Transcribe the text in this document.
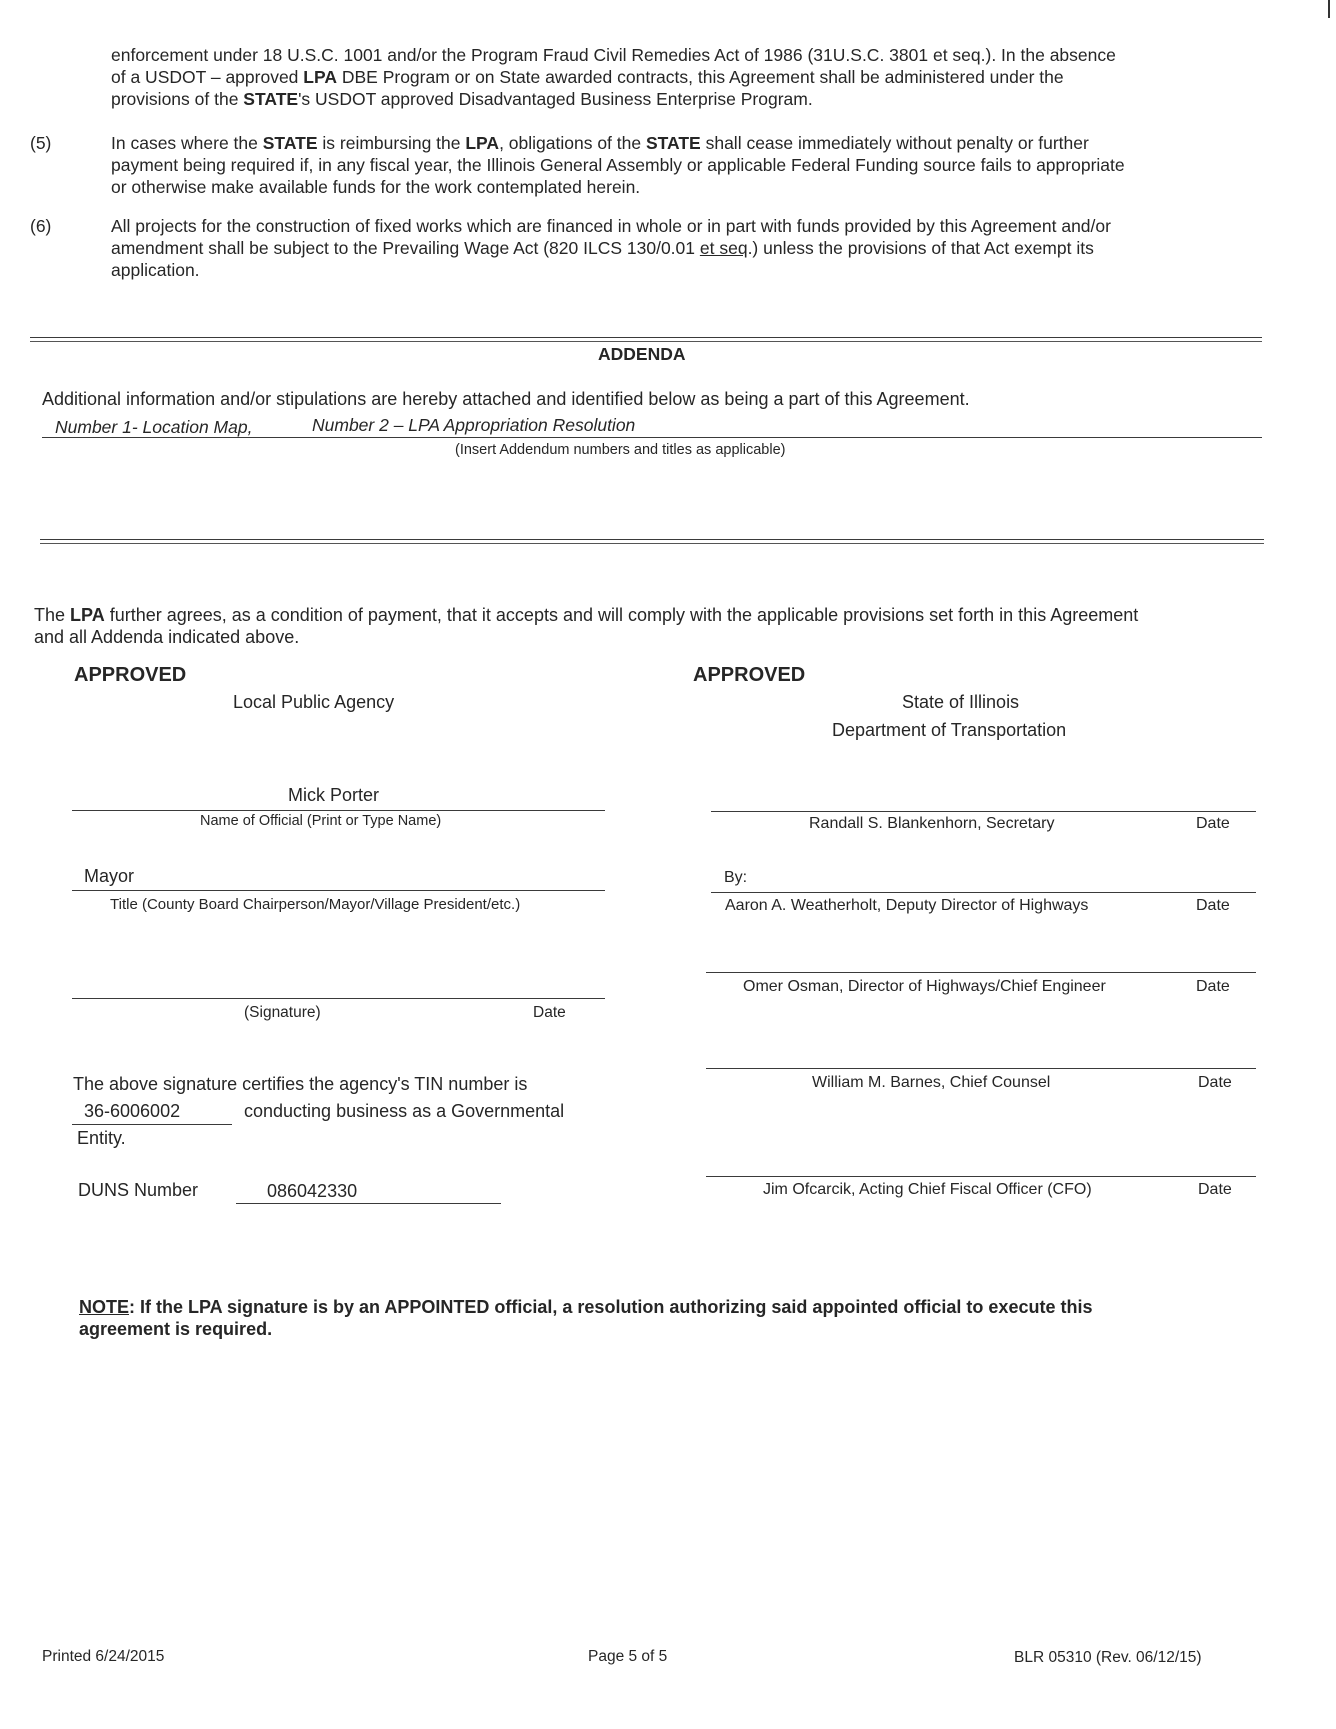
enforcement under 18 U.S.C. 1001 and/or the Program Fraud Civil Remedies Act of 1986 (31U.S.C. 3801 et seq.). In the absence
of a USDOT – approved LPA DBE Program or on State awarded contracts, this Agreement shall be administered under the
provisions of the STATE's USDOT approved Disadvantaged Business Enterprise Program.
(5)	In cases where the STATE is reimbursing the LPA, obligations of the STATE shall cease immediately without penalty or further
payment being required if, in any fiscal year, the Illinois General Assembly or applicable Federal Funding source fails to appropriate
or otherwise make available funds for the work contemplated herein.
(6)	All projects for the construction of fixed works which are financed in whole or in part with funds provided by this Agreement and/or
amendment shall be subject to the Prevailing Wage Act (820 ILCS 130/0.01 et seq.) unless the provisions of that Act exempt its
application.
ADDENDA
Additional information and/or stipulations are hereby attached and identified below as being a part of this Agreement.
Number 1- Location Map,	Number 2 – LPA Appropriation Resolution
(Insert Addendum numbers and titles as applicable)
The LPA further agrees, as a condition of payment, that it accepts and will comply with the applicable provisions set forth in this Agreement
and all Addenda indicated above.
APPROVED
Local Public Agency
Mick Porter
Name of Official (Print or Type Name)
Mayor
Title (County Board Chairperson/Mayor/Village President/etc.)
(Signature)	Date
The above signature certifies the agency's TIN number is
36-6006002	conducting business as a Governmental
Entity.
DUNS Number	086042330
APPROVED
State of Illinois
Department of Transportation
Randall S. Blankenhorn, Secretary	Date
By:
Aaron A. Weatherholt, Deputy Director of Highways	Date
Omer Osman, Director of Highways/Chief Engineer	Date
William M. Barnes, Chief Counsel	Date
Jim Ofcarcik, Acting Chief Fiscal Officer (CFO)	Date
NOTE: If the LPA signature is by an APPOINTED official, a resolution authorizing said appointed official to execute this
agreement is required.
Printed 6/24/2015	Page 5 of 5	BLR 05310 (Rev. 06/12/15)
